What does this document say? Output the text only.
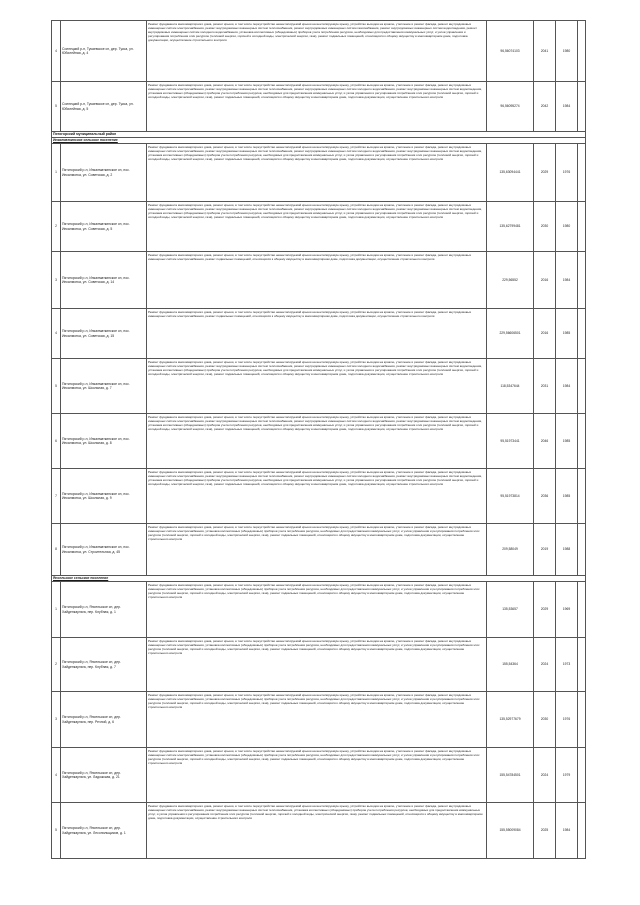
4	Солнецкий р-н, Тукаевское сп, дер. Тукса, ул. Юбилейная, д. 4	Ремонт фундамента многоквартирного дома, ремонт крыши, в том числе переустройство невентилируемой крыши на вентилируемую крышу, устройство выходов на кровлю, утепление и ремонт фасада, ремонт внутридомовых инженерных систем электроснабжения, ремонт внутридомовых инженерных систем теплоснабжения, ремонт внутридомовых инженерных систем газоснабжения, ремонт внутридомовых инженерных систем водоотведения, ремонт внутридомовых инженерных систем холодного водоснабжения, установка коллективных (общедомовых) приборов учета потребления ресурсов, необходимых для предоставления коммунальных услуг, и узлов управления и регулирования потребления этих ресурсов (тепловой энергии, горячей и холодной воды, электрической энергии, газа), ремонт подвальных помещений, относящихся к общему имуществу в многоквартирном доме, подготовка документации, осуществление строительного контроля	96,56074103	2041	1980	
5	Солнецкий р-н, Тукаевское сп, дер. Тукса, ул. Юбилейная, д. 5	Ремонт фундамента многоквартирного дома, ремонт крыши, в том числе переустройство невентилируемой крыши на вентилируемую крышу, устройство выходов на кровлю, утепление и ремонт фасада, ремонт внутридомовых инженерных систем электроснабжения, ремонт внутридомовых инженерных систем теплоснабжения, ремонт внутридомовых инженерных систем холодного водоснабжения, ремонт внутридомовых инженерных систем водоотведения, установка коллективных (общедомовых) приборов учета потребления ресурсов, необходимых для предоставления коммунальных услуг, и узлов управления и регулирования потребления этих ресурсов (тепловой энергии, горячей и холодной воды, электрической энергии, газа), ремонт подвальных помещений, относящихся к общему имуществу в многоквартирном доме, подготовка документации, осуществление строительного контроля	96,56095274	2042	1984	
Пятигорский муниципальный район						
Инкалматкинское сельское поселение						
1	Пятигорский р-н, Инкалматкинское сп, пос. Инкалмотка, ул. Советская, д. 2	Ремонт фундамента многоквартирного дома, ремонт крыши, в том числе переустройство невентилируемой крыши на вентилируемую крышу, устройство выходов на кровлю, утепление и ремонт фасада, ремонт внутридомовых инженерных систем электроснабжения, ремонт внутридомовых инженерных систем теплоснабжения, ремонт внутридомовых инженерных систем холодного водоснабжения, ремонт внутридомовых инженерных систем водоотведения, установка коллективных (общедомовых) приборов учета потребления ресурсов, необходимых для предоставления коммунальных услуг, и узлов управления и регулирования потребления этих ресурсов (тепловой энергии, горячей и холодной воды, электрической энергии, газа), ремонт подвальных помещений, относящихся к общему имуществу в многоквартирном доме, подготовка документации, осуществление строительного контроля	135,63094441	2029	1976	
2	Пятигорский р-н, Инкалматкинское сп, пос. Инкалмотка, ул. Советская, д. 5	Ремонт фундамента многоквартирного дома, ремонт крыши, в том числе переустройство невентилируемой крыши на вентилируемую крышу, устройство выходов на кровлю, утепление и ремонт фасада, ремонт внутридомовых инженерных систем электроснабжения, ремонт внутридомовых инженерных систем теплоснабжения, ремонт внутридомовых инженерных систем холодного водоснабжения, ремонт внутридомовых инженерных систем водоотведения, установка коллективных (общедомовых) приборов учета потребления ресурсов, необходимых для предоставления коммунальных услуг, и узлов управления и регулирования потребления этих ресурсов (тепловой энергии, горячей и холодной воды, электрической энергии, газа), ремонт подвальных помещений, относящихся к общему имуществу в многоквартирном доме, подготовка документации, осуществление строительного контроля	135,62799481	2030	1980	
3	Пятигорский р-н, Инкалматкинское сп, пос. Инкалмотка, ул. Советская, д. 14	Ремонт фундамента многоквартирного дома, ремонт крыши, в том числе переустройство невентилируемой крыши на вентилируемую крышу, устройство выходов на кровлю, утепление и ремонт фасада, ремонт внутридомовых инженерных систем электроснабжения, ремонт подвальных помещений, относящихся к общему имуществу в многоквартирном доме, подготовка документации, осуществление строительного контроля	229,56552	2016	1984	
4	Пятигорский р-н, Инкалматкинское сп, пос. Инкалмотка, ул. Советская, д. 15	Ремонт фундамента многоквартирного дома, ремонт крыши, в том числе переустройство невентилируемой крыши на вентилируемую крышу, устройство выходов на кровлю, утепление и ремонт фасада, ремонт внутридомовых инженерных систем электроснабжения, ремонт подвальных помещений, относящихся к общему имуществу в многоквартирном доме, подготовка документации, осуществление строительного контроля	229,56606501	2016	1985	
5	Пятигорский р-н, Инкалматкинское сп, пос. Инкалмотка, ул. Школьная, д. 7	Ремонт фундамента многоквартирного дома, ремонт крыши, в том числе переустройство невентилируемой крыши на вентилируемую крышу, устройство выходов на кровлю, утепление и ремонт фасада, ремонт внутридомовых инженерных систем электроснабжения, ремонт внутридомовых инженерных систем теплоснабжения, ремонт внутридомовых инженерных систем холодного водоснабжения, ремонт внутридомовых инженерных систем водоотведения, установка коллективных (общедомовых) приборов учета потребления ресурсов, необходимых для предоставления коммунальных услуг, и узлов управления и регулирования потребления этих ресурсов (тепловой энергии, горячей и холодной воды, электрической энергии, газа), ремонт подвальных помещений, относящихся к общему имуществу в многоквартирном доме, подготовка документации, осуществление строительного контроля	118,5347644	2031	1984	
6	Пятигорский р-н, Инкалматкинское сп, пос. Инкалмотка, ул. Школьная, д. 8	Ремонт фундамента многоквартирного дома, ремонт крыши, в том числе переустройство невентилируемой крыши на вентилируемую крышу, устройство выходов на кровлю, утепление и ремонт фасада, ремонт внутридомовых инженерных систем электроснабжения, ремонт внутридомовых инженерных систем теплоснабжения, ремонт внутридомовых инженерных систем холодного водоснабжения, ремонт внутридомовых инженерных систем водоотведения, установка коллективных (общедомовых) приборов учета потребления ресурсов, необходимых для предоставления коммунальных услуг, и узлов управления и регулирования потребления этих ресурсов (тепловой энергии, горячей и холодной воды, электрической энергии, газа), ремонт подвальных помещений, относящихся к общему имуществу в многоквартирном доме, подготовка документации, осуществление строительного контроля	95,51973441	2046	1985	
7	Пятигорский р-н, Инкалматкинское сп, пос. Инкалмотка, ул. Школьная, д. 9	Ремонт фундамента многоквартирного дома, ремонт крыши, в том числе переустройство невентилируемой крыши на вентилируемую крышу, устройство выходов на кровлю, утепление и ремонт фасада, ремонт внутридомовых инженерных систем электроснабжения, ремонт внутридомовых инженерных систем теплоснабжения, ремонт внутридомовых инженерных систем холодного водоснабжения, ремонт внутридомовых инженерных систем водоотведения, установка коллективных (общедомовых) приборов учета потребления ресурсов, необходимых для предоставления коммунальных услуг, и узлов управления и регулирования потребления этих ресурсов (тепловой энергии, горячей и холодной воды, электрической энергии, газа), ремонт подвальных помещений, относящихся к общему имуществу в многоквартирном доме, подготовка документации, осуществление строительного контроля	95,51973814	2036	1985	
8	Пятигорский р-н, Инкалматкинское сп, пос. Инкалмотка, ул. Строительная, д. 45	Ремонт фундамента многоквартирного дома, ремонт крыши, в том числе переустройство невентилируемой крыши на вентилируемую крышу, устройство выходов на кровлю, утепление и ремонт фасада, ремонт внутридомовых инженерных систем электроснабжения, установка коллективных (общедомовых) приборов учета потребления ресурсов, необходимых для предоставления коммунальных услуг, и узлов управления и регулирования потребления этих ресурсов (тепловой энергии, горячей и холодной воды, электрической энергии, газа), ремонт подвальных помещений, относящихся к общему имуществу в многоквартирном доме, подготовка документации, осуществление строительного контроля	209,58049	2019	1988	
Янсельское сельское поселение						
1	Пятигорский р-н, Янсельское сп, дер. Хайденкаульта, пер. Клубная, д. 1	Ремонт фундамента многоквартирного дома, ремонт крыши, в том числе переустройство невентилируемой крыши на вентилируемую крышу, устройство выходов на кровлю, утепление и ремонт фасада, ремонт внутридомовых инженерных систем электроснабжения, установка коллективных (общедомовых) приборов учета потребления ресурсов, необходимых для предоставления коммунальных услуг, и узлов управления и регулирования потребления этих ресурсов (тепловой энергии, горячей и холодной воды, электрической энергии, газа), ремонт подвальных помещений, относящихся к общему имуществу в многоквартирном доме, подготовка документации, осуществление строительного контроля	135,53657	2029	1969	
2	Пятигорский р-н, Янсельское сп, дер. Хайденкаульта, пер. Клубная, д. 7	Ремонт фундамента многоквартирного дома, ремонт крыши, в том числе переустройство невентилируемой крыши на вентилируемую крышу, устройство выходов на кровлю, утепление и ремонт фасада, ремонт внутридомовых инженерных систем электроснабжения, установка коллективных (общедомовых) приборов учета потребления ресурсов, необходимых для предоставления коммунальных услуг, и узлов управления и регулирования потребления этих ресурсов (тепловой энергии, горячей и холодной воды, электрической энергии, газа), ремонт подвальных помещений, относящихся к общему имуществу в многоквартирном доме, подготовка документации, осуществление строительного контроля	155,54364	2024	1973	
3	Пятигорский р-н, Янсельское сп, дер. Хайденкаульта, пер. Речной, д. 6	Ремонт фундамента многоквартирного дома, ремонт крыши, в том числе переустройство невентилируемой крыши на вентилируемую крышу, устройство выходов на кровлю, утепление и ремонт фасада, ремонт внутридомовых инженерных систем электроснабжения, установка коллективных (общедомовых) приборов учета потребления ресурсов, необходимых для предоставления коммунальных услуг, и узлов управления и регулирования потребления этих ресурсов (тепловой энергии, горячей и холодной воды, электрической энергии, газа), ремонт подвальных помещений, относящихся к общему имуществу в многоквартирном доме, подготовка документации, осуществление строительного контроля	135,52977679	2030	1976	
4	Пятигорский р-н, Янсельское сп, дер. Хайденкаульта, ул. Ладожская, д. 21	Ремонт фундамента многоквартирного дома, ремонт крыши, в том числе переустройство невентилируемой крыши на вентилируемую крышу, устройство выходов на кровлю, утепление и ремонт фасада, ремонт внутридомовых инженерных систем электроснабжения, установка коллективных (общедомовых) приборов учета потребления ресурсов, необходимых для предоставления коммунальных услуг, и узлов управления и регулирования потребления этих ресурсов (тепловой энергии, горячей и холодной воды, электрической энергии, газа), ремонт подвальных помещений, относящихся к общему имуществу в многоквартирном доме, подготовка документации, осуществление строительного контроля	155,54784501	2024	1979	
5	Пятигорский р-н, Янсельское сп, дер. Хайденкаульта, ул. Лесопильщиков, д. 1	Ремонт фундамента многоквартирного дома, ремонт крыши, в том числе переустройство невентилируемой крыши на вентилируемую крышу, устройство выходов на кровлю, утепление и ремонт фасада, ремонт внутридомовых инженерных систем электроснабжения, ремонт внутридомовых инженерных систем теплоснабжения, установка коллективных (общедомовых) приборов учета потребления ресурсов, необходимых для предоставления коммунальных услуг, и узлов управления и регулирования потребления этих ресурсов (тепловой энергии, горячей и холодной воды, электрической энергии, газа), ремонт подвальных помещений, относящихся к общему имуществу в многоквартирном доме, подготовка документации, осуществление строительного контроля	155,55009084	2025	1984	
